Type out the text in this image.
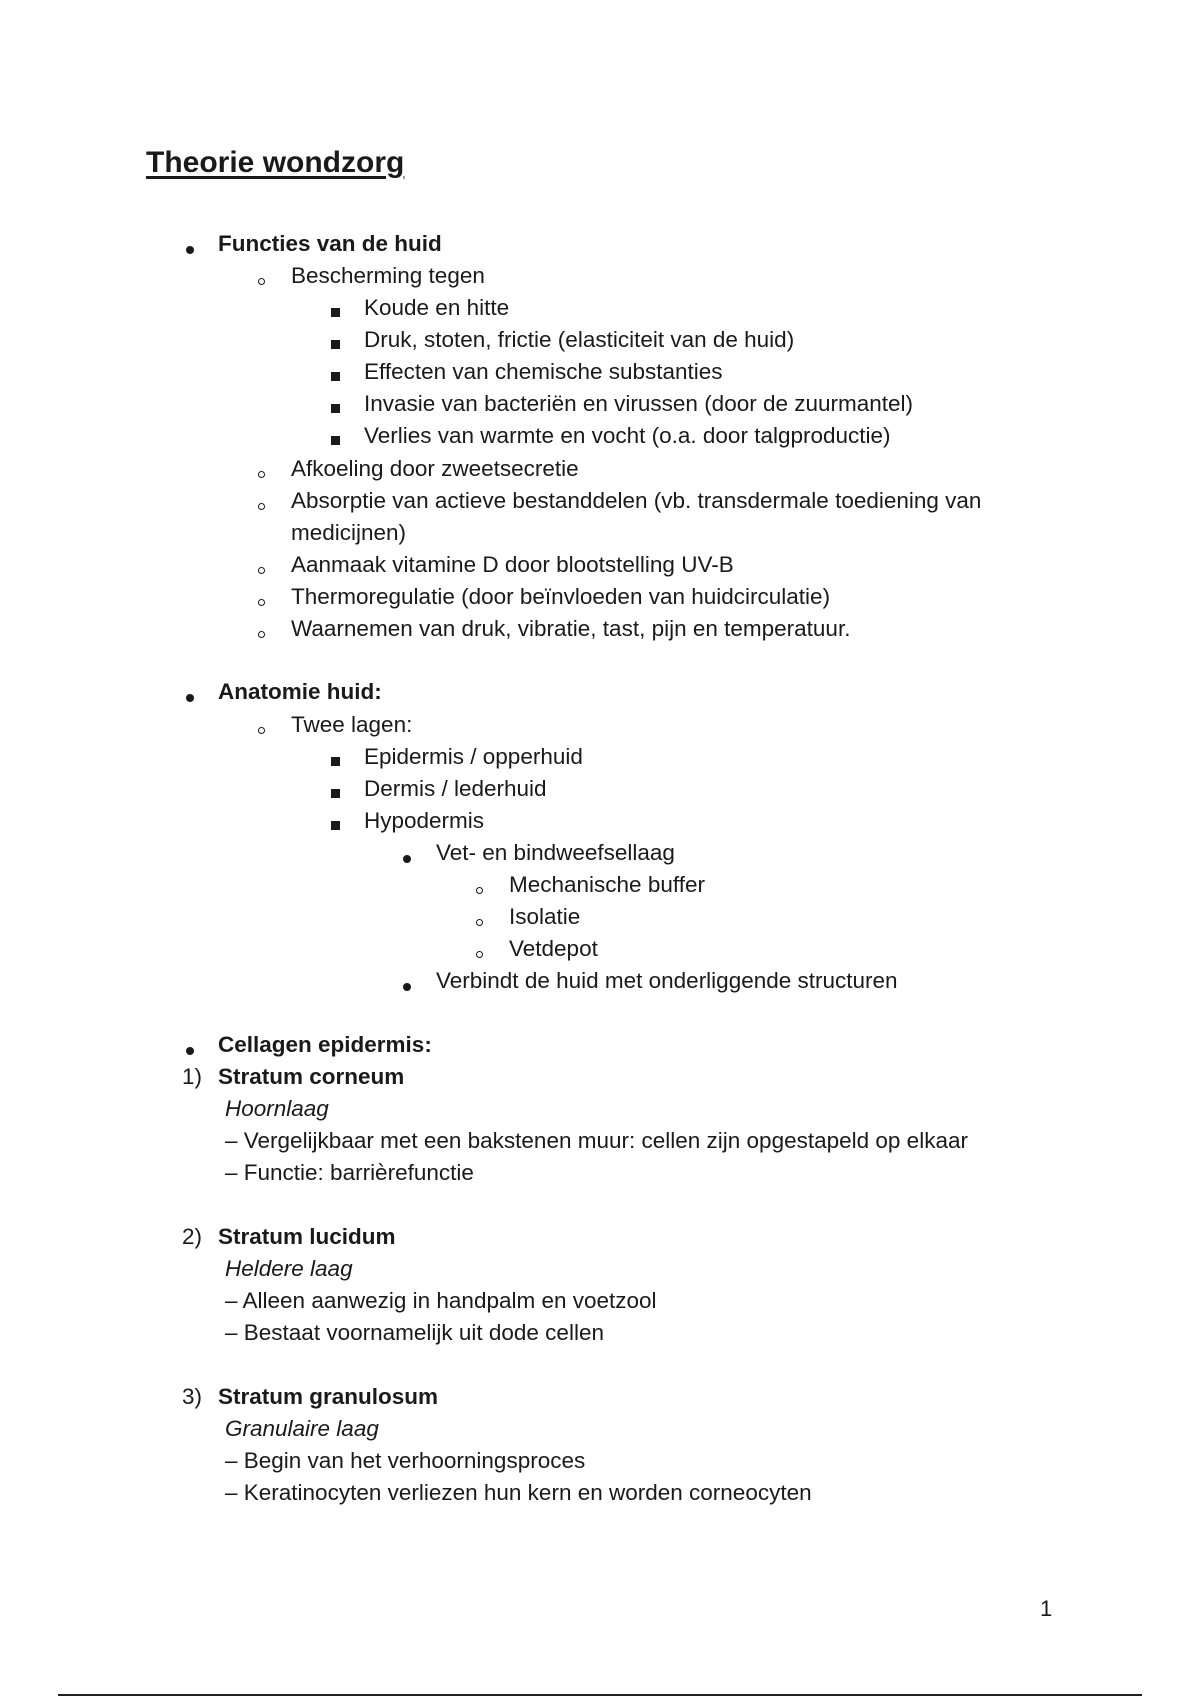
Theorie wondzorg
Functies van de huid
Bescherming tegen
Koude en hitte
Druk, stoten, frictie (elasticiteit van de huid)
Effecten van chemische substanties
Invasie van bacteriën en virussen (door de zuurmantel)
Verlies van warmte en vocht (o.a. door talgproductie)
Afkoeling door zweetsecretie
Absorptie van actieve bestanddelen (vb. transdermale toediening van
medicijnen)
Aanmaak vitamine D door blootstelling UV-B
Thermoregulatie (door beïnvloeden van huidcirculatie)
Waarnemen van druk, vibratie, tast, pijn en temperatuur.
Anatomie huid:
Twee lagen:
Epidermis / opperhuid
Dermis / lederhuid
Hypodermis
Vet- en bindweefsellaag
Mechanische buffer
Isolatie
Vetdepot
Verbindt de huid met onderliggende structuren
Cellagen epidermis:
1) Stratum corneum
Hoornlaag
– Vergelijkbaar met een bakstenen muur: cellen zijn opgestapeld op elkaar
– Functie: barrièrefunctie
2) Stratum lucidum
Heldere laag
– Alleen aanwezig in handpalm en voetzool
– Bestaat voornamelijk uit dode cellen
3) Stratum granulosum
Granulaire laag
– Begin van het verhoorningsproces
– Keratinocyten verliezen hun kern en worden corneocyten
1
